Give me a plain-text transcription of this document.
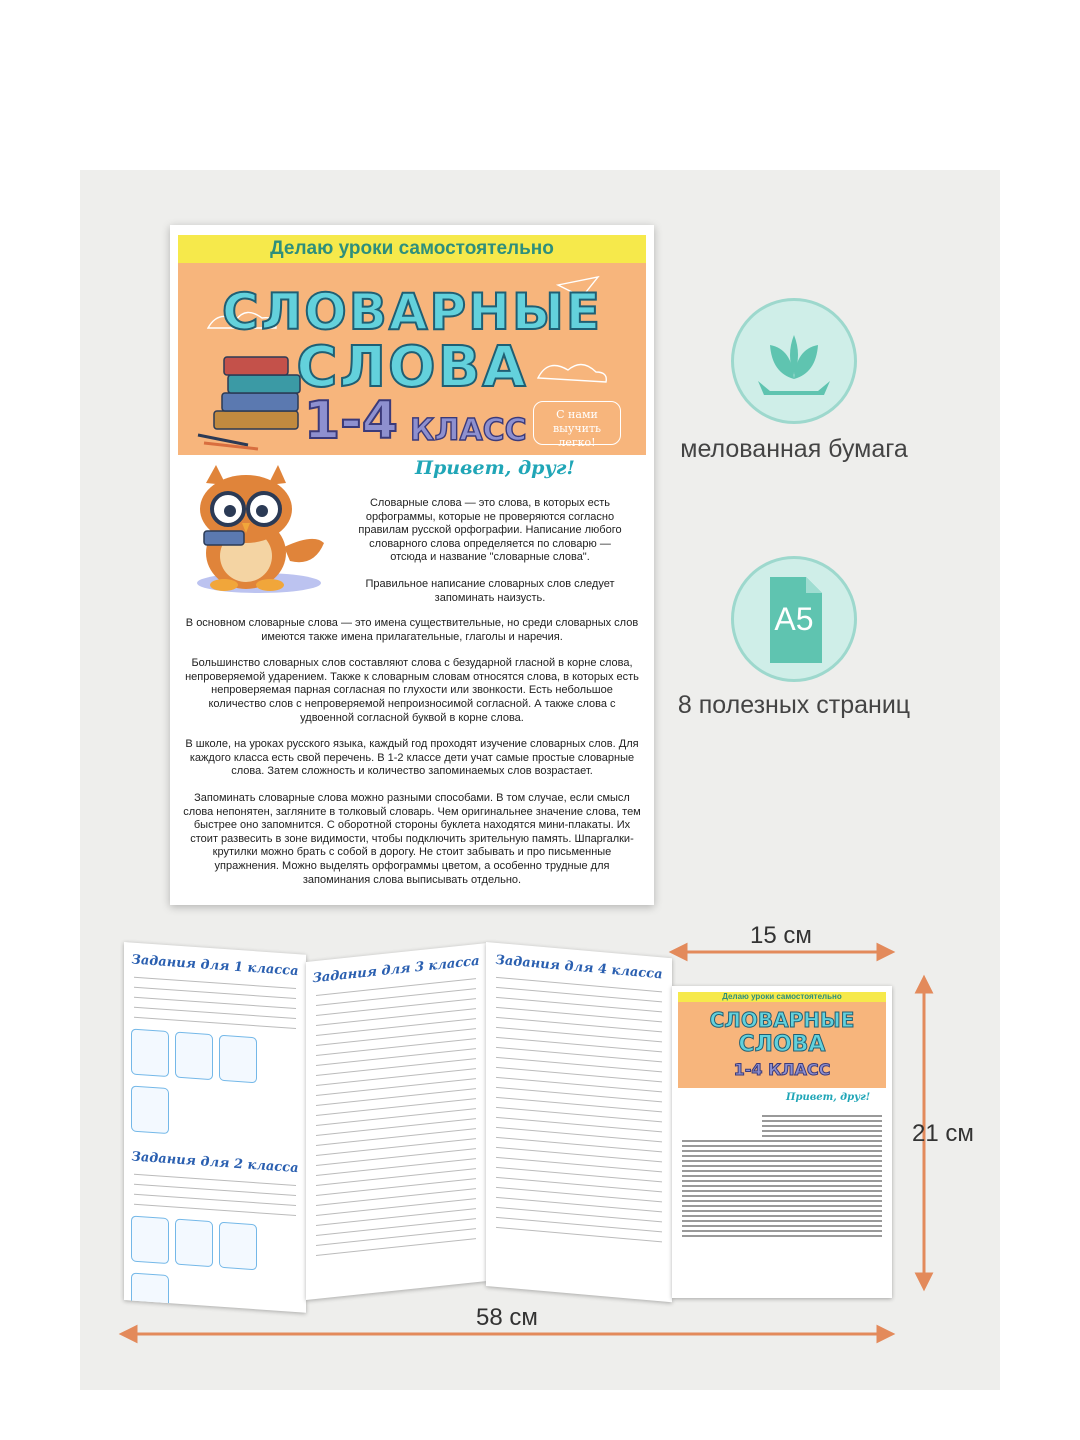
Делаю уроки самостоятельно
СЛОВАРНЫЕ
СЛОВА
1-4 КЛАСС	С нами выучить
легко!
Привет, друг!

Словарные слова — это слова, в которых есть орфограммы, которые не проверяются согласно правилам русской орфографии. Написание любого словарного слова определяется по словарю — отсюда и название "словарные слова".

Правильное написание словарных слов следует запоминать наизусть.

В основном словарные слова — это имена существительные, но среди словарных слов имеются также имена прилагательные, глаголы и наречия.

Большинство словарных слов составляют слова с безударной гласной в корне слова, непроверяемой ударением. Также к словарным словам относятся слова, в которых есть непроверяемая парная согласная по глухости или звонкости. Есть небольшое количество слов с непроверяемой непроизносимой согласной. А также слова с удвоенной согласной буквой в корне слова.

В школе, на уроках русского языка, каждый год проходят изучение словарных слов. Для каждого класса есть свой перечень. В 1-2 классе дети учат самые простые словарные слова. Затем сложность и количество запоминаемых слов возрастает.

Запоминать словарные слова можно разными способами. В том случае, если смысл слова непонятен, загляните в толковый словарь. Чем оригинальнее значение слова, тем быстрее оно запомнится. С оборотной стороны буклета находятся мини-плакаты. Их стоит развесить в зоне видимости, чтобы подключить зрительную память. Шпаргалки-крутилки можно брать с собой в дорогу. Не стоит забывать и про письменные упражнения. Можно выделять орфограммы цветом, а особенно трудные для запоминания слова выписывать отдельно.

мелованная бумага
A5
8 полезных страниц
15 см
21 см
58 см
Задания для 1 класса
Задания для 2 класса
Задания для 3 класса	Задания для 4 класса
Делаю уроки самостоятельно
СЛОВАРНЫЕ
СЛОВА
1-4 КЛАСС
Привет, друг!
